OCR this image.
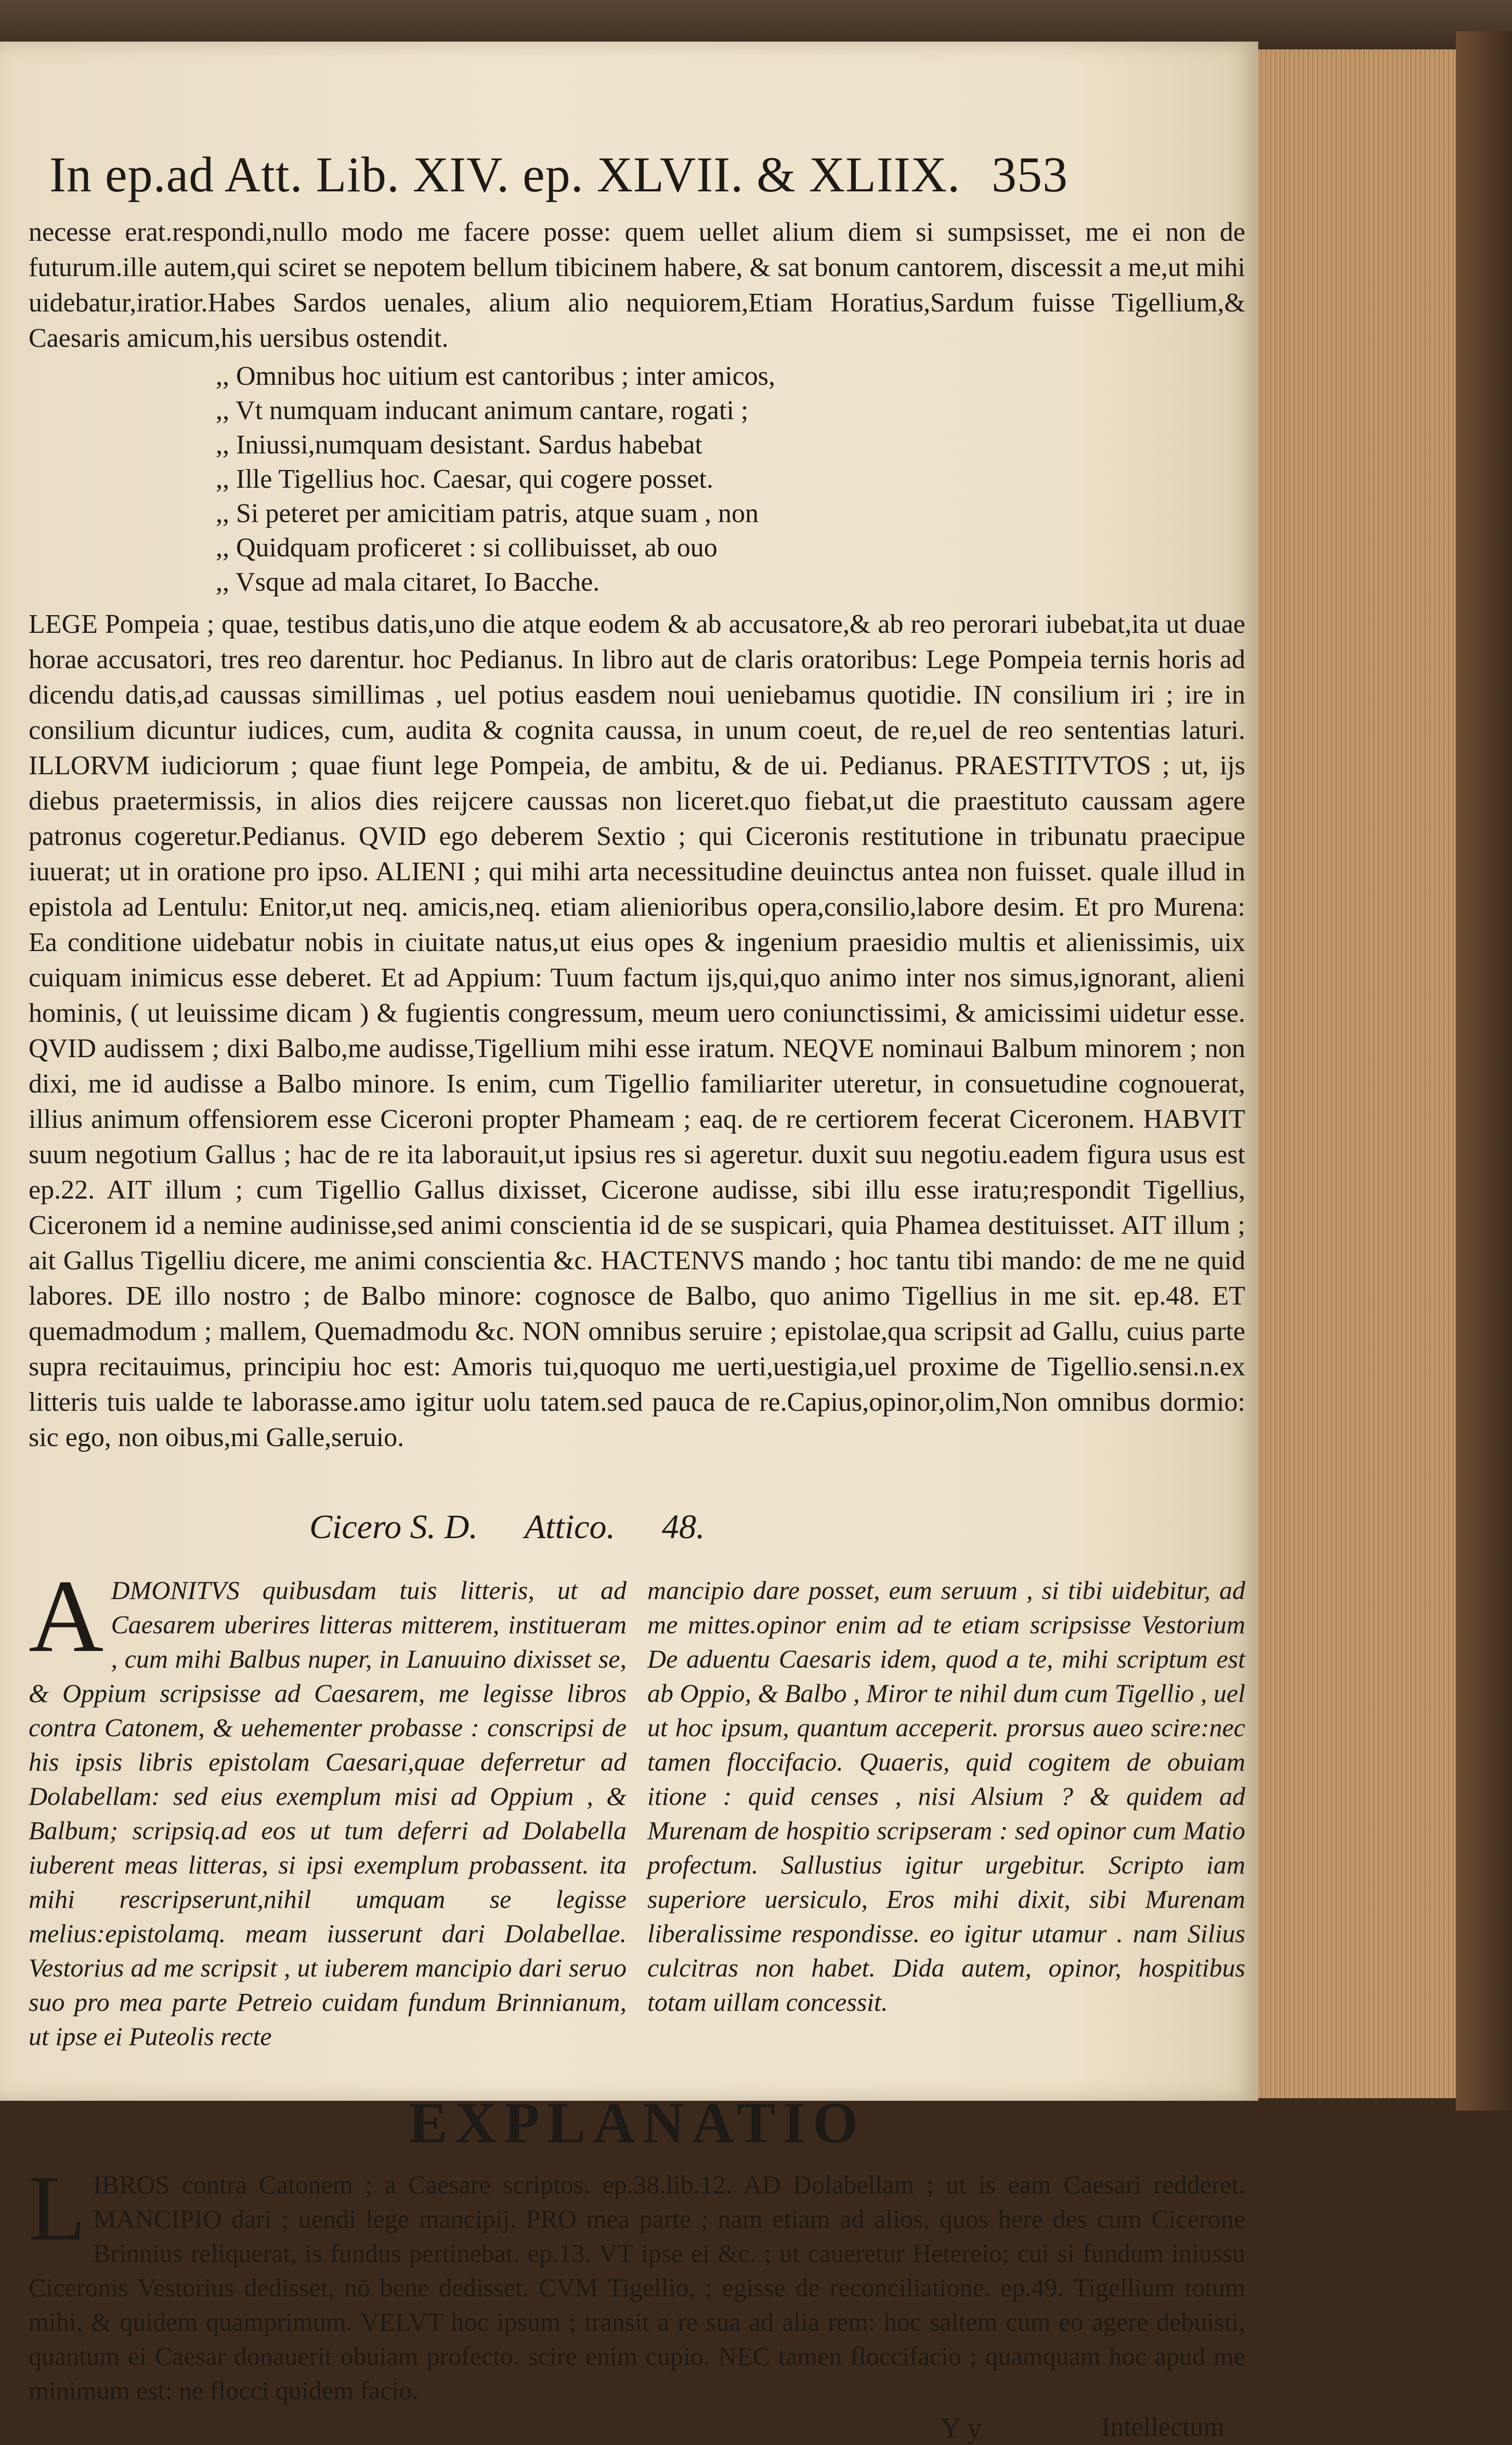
In ep.ad Att. Lib. XIV. ep. XLVII. & XLIIX. 353

necesse erat.respondi,nullo modo me facere posse: quem uellet alium diem si sumpsisset, me ei non de futurum.ille autem,qui sciret se nepotem bellum tibicinem habere, & sat bonum cantorem, discessit a me,ut mihi uidebatur,iratior.Habes Sardos uenales, alium alio nequiorem,Etiam Horatius,Sardum fuisse Tigellium,& Caesaris amicum,his uersibus ostendit.

,, Omnibus hoc uitium est cantoribus ; inter amicos,
,, Vt numquam inducant animum cantare, rogati ;
,, Iniussi,numquam desistant. Sardus habebat
,, Ille Tigellius hoc. Caesar, qui cogere posset.
,, Si peteret per amicitiam patris, atque suam , non
,, Quidquam proficeret : si collibuisset, ab ouo
,, Vsque ad mala citaret, Io Bacche.

LEGE Pompeia ; quae, testibus datis,uno die atque eodem & ab accusatore,& ab reo perorari iubebat,ita ut duae horae accusatori, tres reo darentur. hoc Pedianus. In libro aut de claris oratoribus: Lege Pompeia ternis horis ad dicendu datis,ad caussas simillimas , uel potius easdem noui ueniebamus quotidie. IN consilium iri ; ire in consilium dicuntur iudices, cum, audita & cognita caussa, in unum coeut, de re,uel de reo sententias laturi. ILLORVM iudiciorum ; quae fiunt lege Pompeia, de ambitu, & de ui. Pedianus. PRAESTITVTOS ; ut, ijs diebus praetermissis, in alios dies reijcere caussas non liceret.quo fiebat,ut die praestituto caussam agere patronus cogeretur.Pedianus. QVID ego deberem Sextio ; qui Ciceronis restitutione in tribunatu praecipue iuuerat; ut in oratione pro ipso. ALIENI ; qui mihi arta necessitudine deuinctus antea non fuisset. quale illud in epistola ad Lentulu: Enitor,ut neq. amicis,neq. etiam alienioribus opera,consilio,labore desim. Et pro Murena: Ea conditione uidebatur nobis in ciuitate natus,ut eius opes & ingenium praesidio multis et alienissimis, uix cuiquam inimicus esse deberet. Et ad Appium: Tuum factum ijs,qui,quo animo inter nos simus,ignorant, alieni hominis, ( ut leuissime dicam ) & fugientis congressum, meum uero coniunctissimi, & amicissimi uidetur esse. QVID audissem ; dixi Balbo,me audisse,Tigellium mihi esse iratum. NEQVE nominaui Balbum minorem ; non dixi, me id audisse a Balbo minore. Is enim, cum Tigellio familiariter uteretur, in consuetudine cognouerat, illius animum offensiorem esse Ciceroni propter Phameam ; eaq. de re certiorem fecerat Ciceronem. HABVIT suum negotium Gallus ; hac de re ita laborauit,ut ipsius res si ageretur. duxit suu negotiu.eadem figura usus est ep.22. AIT illum ; cum Tigellio Gallus dixisset, Cicerone audisse, sibi illu esse iratu;respondit Tigellius, Ciceronem id a nemine audinisse,sed animi conscientia id de se suspicari, quia Phamea destituisset. AIT illum ; ait Gallus Tigelliu dicere, me animi conscientia &c. HACTENVS mando ; hoc tantu tibi mando: de me ne quid labores. DE illo nostro ; de Balbo minore: cognosce de Balbo, quo animo Tigellius in me sit. ep.48. ET quemadmodum ; mallem, Quemadmodu &c. NON omnibus seruire ; epistolae,qua scripsit ad Gallu, cuius parte supra recitauimus, principiu hoc est: Amoris tui,quoquo me uerti,uestigia,uel proxime de Tigellio.sensi.n.ex litteris tuis ualde te laborasse.amo igitur uolu tatem.sed pauca de re.Capius,opinor,olim,Non omnibus dormio: sic ego, non oibus,mi Galle,seruio.

Cicero S. D. Attico. 48.
A DMONITVS quibusdam tuis litteris, ut ad Caesarem uberires litteras mitterem, institueram , cum mihi Balbus nuper, in Lanuuino dixisset se, & Oppium scripsisse ad Caesarem, me legisse libros contra Catonem, & uehementer probasse : conscripsi de his ipsis libris epistolam Caesari,quae deferretur ad Dolabellam: sed eius exemplum misi ad Oppium , & Balbum; scripsiq.ad eos ut tum deferri ad Dolabella iuberent meas litteras, si ipsi exemplum probassent. ita mihi rescripserunt,nihil umquam se legisse melius:epistolamq. meam iusserunt dari Dolabellae. Vestorius ad me scripsit , ut iuberem mancipio dari seruo suo pro mea parte Petreio cuidam fundum Brinnianum, ut ipse ei Puteolis recte
mancipio dare posset, eum seruum , si tibi uidebitur, ad me mittes.opinor enim ad te etiam scripsisse Vestorium De aduentu Caesaris idem, quod a te, mihi scriptum est ab Oppio, & Balbo , Miror te nihil dum cum Tigellio , uel ut hoc ipsum, quantum acceperit. prorsus aueo scire:nec tamen floccifacio. Quaeris, quid cogitem de obuiam itione : quid censes , nisi Alsium ? & quidem ad Murenam de hospitio scripseram : sed opinor cum Matio profectum. Sallustius igitur urgebitur. Scripto iam superiore uersiculo, Eros mihi dixit, sibi Murenam liberalissime respondisse. eo igitur utamur . nam Silius culcitras non habet. Dida autem, opinor, hospitibus totam uillam concessit.
EXPLANATIO
L IBROS contra Catonem ; a Caesare scriptos. ep.38.lib.12. AD Dolabellam ; ut is eam Caesari redderet. MANCIPIO dari ; uendi lege mancipij. PRO mea parte ; nam etiam ad alios, quos here des cum Cicerone Brinnius reliquerat, is fundus pertinebat. ep.13. VT ipse ei &c. ; ut caueretur Hetereio; cui si fundum iniussu Ciceronis Vestorius dedisset, nō bene dedisset. CVM Tigellio, ; egisse de reconciliatione. ep.49. Tigellium totum mihi, & quidem quamprimum. VELVT hoc ipsum ; transit a re sua ad alia rem: hoc saltem cum eo agere debuisti, quantum ei Caesar donauerit obuiam profecto. scire enim cupio. NEC tamen floccifacio ; quamquam hoc apud me minimum est: ne flocci quidem facio.
Y y	Intellectum
